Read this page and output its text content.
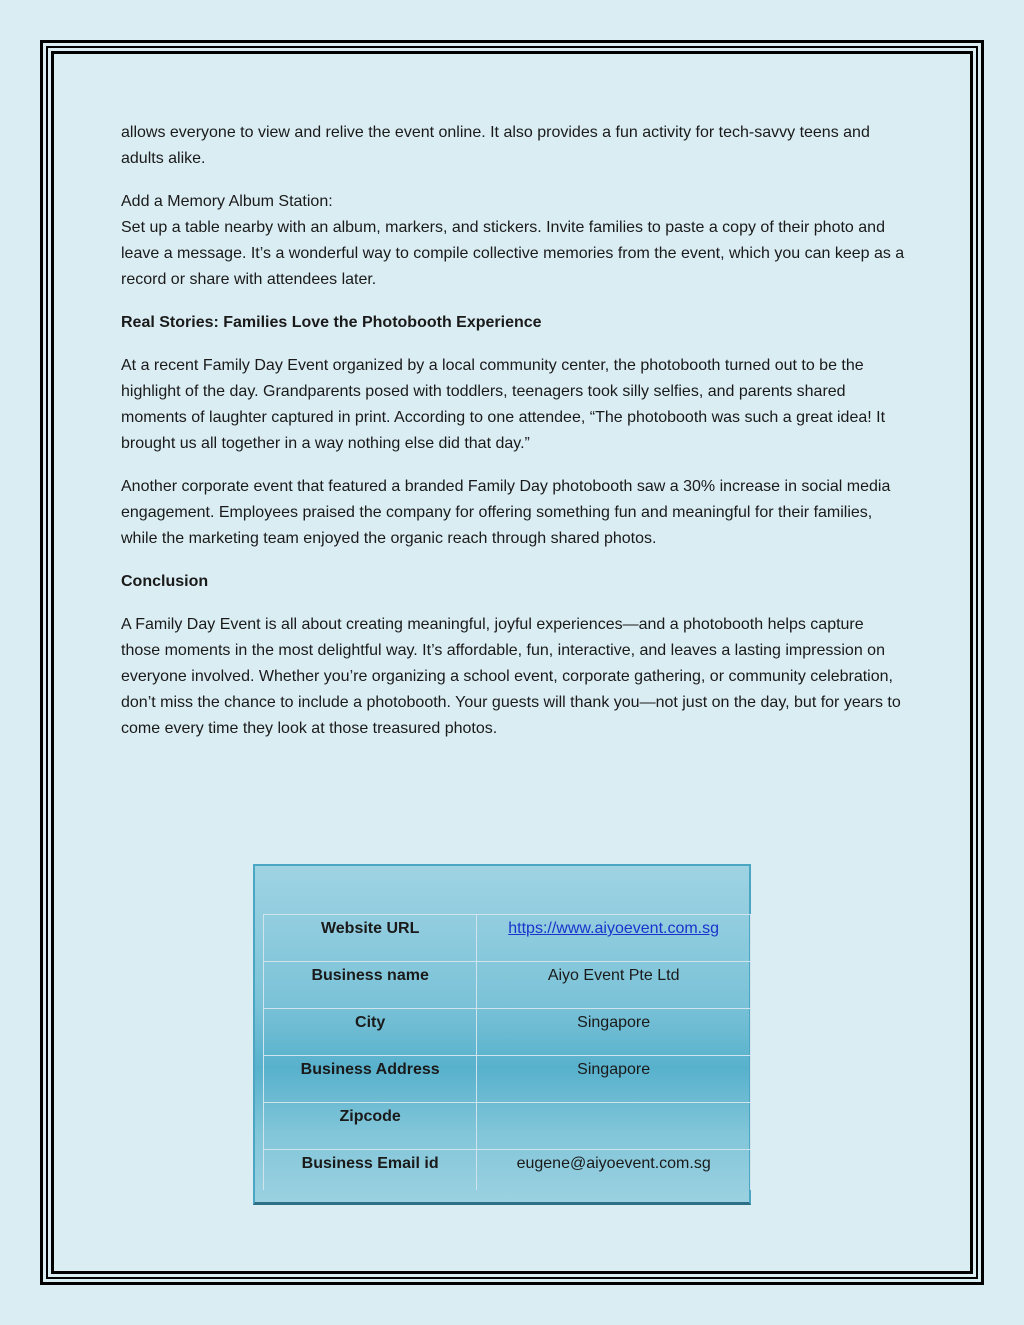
allows everyone to view and relive the event online. It also provides a fun activity for tech-savvy teens and adults alike.

Add a Memory Album Station:
Set up a table nearby with an album, markers, and stickers. Invite families to paste a copy of their photo and leave a message. It’s a wonderful way to compile collective memories from the event, which you can keep as a record or share with attendees later.

Real Stories: Families Love the Photobooth Experience

At a recent Family Day Event organized by a local community center, the photobooth turned out to be the highlight of the day. Grandparents posed with toddlers, teenagers took silly selfies, and parents shared moments of laughter captured in print. According to one attendee, “The photobooth was such a great idea! It brought us all together in a way nothing else did that day.”

Another corporate event that featured a branded Family Day photobooth saw a 30% increase in social media engagement. Employees praised the company for offering something fun and meaningful for their families, while the marketing team enjoyed the organic reach through shared photos.

Conclusion

A Family Day Event is all about creating meaningful, joyful experiences—and a photobooth helps capture those moments in the most delightful way. It’s affordable, fun, interactive, and leaves a lasting impression on everyone involved. Whether you’re organizing a school event, corporate gathering, or community celebration, don’t miss the chance to include a photobooth. Your guests will thank you—not just on the day, but for years to come every time they look at those treasured photos.

Website URL	https://www.aiyoevent.com.sg
Business name	Aiyo Event Pte Ltd
City	Singapore
Business Address	Singapore
Zipcode	
Business Email id	eugene@aiyoevent.com.sg
